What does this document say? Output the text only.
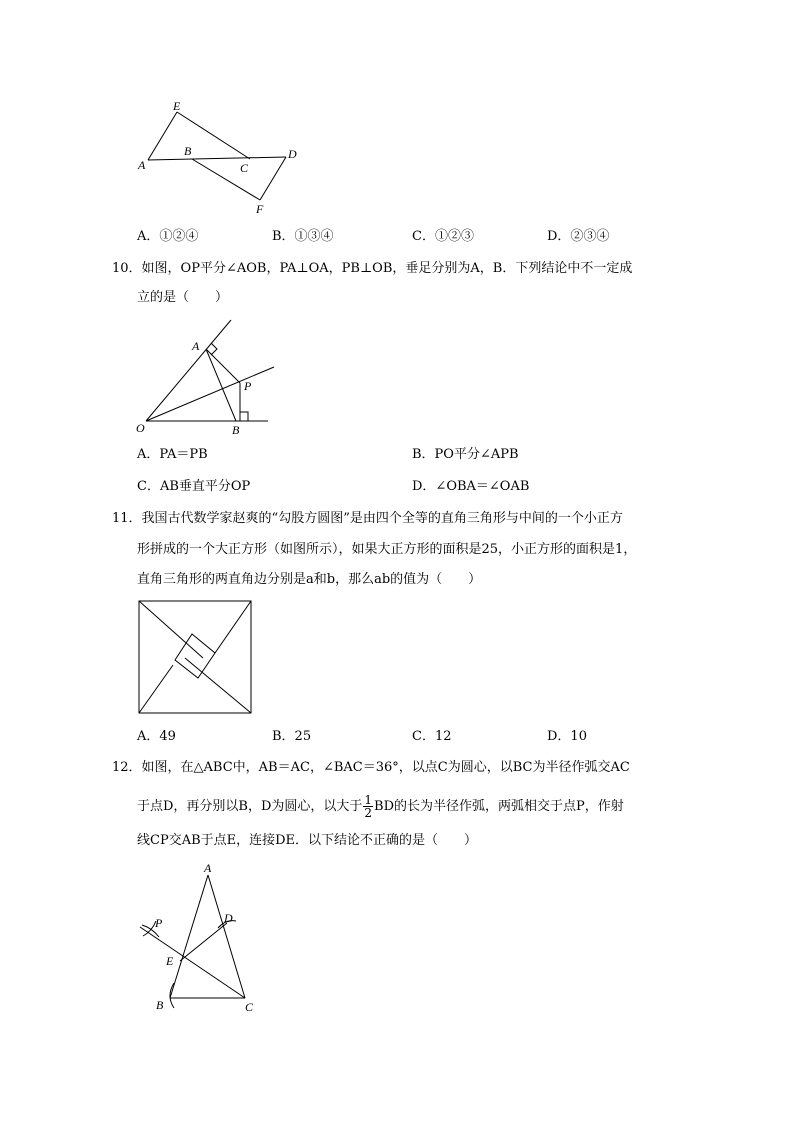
E
A
B
C
D
F
A．①②④	B．①③④	C．①②③	D．②③④
10．如图，OP平分∠AOB，PA⊥OA，PB⊥OB，垂足分别为A，B．下列结论中不一定成
立的是（　　）
A
P
O	B
A．PA＝PB	B．PO平分∠APB
C．AB垂直平分OP	D．∠OBA＝∠OAB
11．我国古代数学家赵爽的“勾股方圆图”是由四个全等的直角三角形与中间的一个小正方
形拼成的一个大正方形（如图所示），如果大正方形的面积是25，小正方形的面积是1，
直角三角形的两直角边分别是a和b，那么ab的值为（　　）
A．49	B．25	C．12	D．10
12．如图，在△ABC中，AB＝AC，∠BAC＝36°，以点C为圆心，以BC为半径作弧交AC
于点D，再分别以B，D为圆心，以大于 $\frac{1}{2}$ BD的长为半径作弧，两弧相交于点P，作射
线CP交AB于点E，连接DE．以下结论不正确的是（　　）
A
P	D
E
B	C
